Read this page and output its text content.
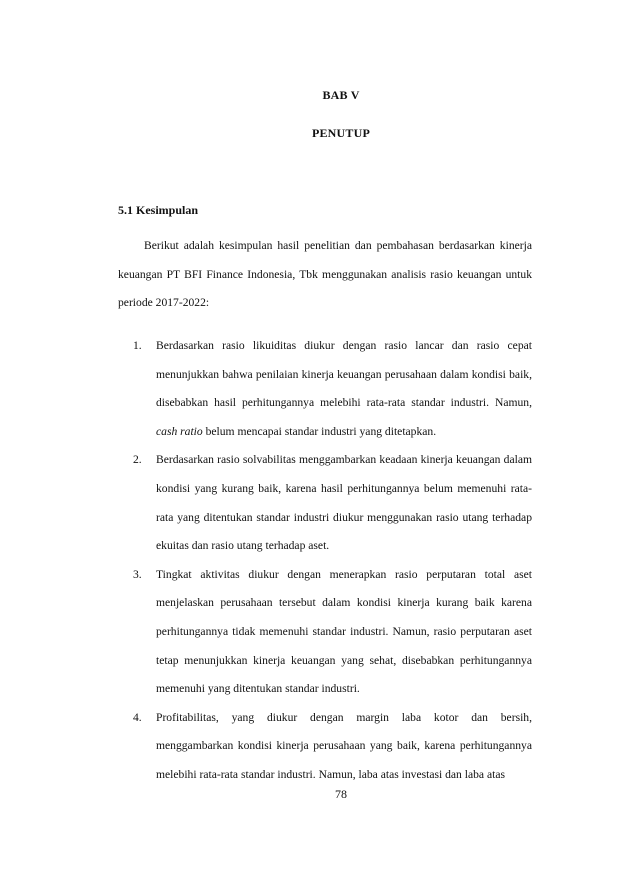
BAB V
PENUTUP
5.1 Kesimpulan

Berikut adalah kesimpulan hasil penelitian dan pembahasan berdasarkan kinerja keuangan PT BFI Finance Indonesia, Tbk menggunakan analisis rasio keuangan untuk periode 2017-2022:

1. Berdasarkan rasio likuiditas diukur dengan rasio lancar dan rasio cepat menunjukkan bahwa penilaian kinerja keuangan perusahaan dalam kondisi baik, disebabkan hasil perhitungannya melebihi rata-rata standar industri. Namun, cash ratio belum mencapai standar industri yang ditetapkan.
2. Berdasarkan rasio solvabilitas menggambarkan keadaan kinerja keuangan dalam kondisi yang kurang baik, karena hasil perhitungannya belum memenuhi rata-rata yang ditentukan standar industri diukur menggunakan rasio utang terhadap ekuitas dan rasio utang terhadap aset.
3. Tingkat aktivitas diukur dengan menerapkan rasio perputaran total aset menjelaskan perusahaan tersebut dalam kondisi kinerja kurang baik karena perhitungannya tidak memenuhi standar industri. Namun, rasio perputaran aset tetap menunjukkan kinerja keuangan yang sehat, disebabkan perhitungannya memenuhi yang ditentukan standar industri.
4. Profitabilitas, yang diukur dengan margin laba kotor dan bersih, menggambarkan kondisi kinerja perusahaan yang baik, karena perhitungannya melebihi rata-rata standar industri. Namun, laba atas investasi dan laba atas
78
